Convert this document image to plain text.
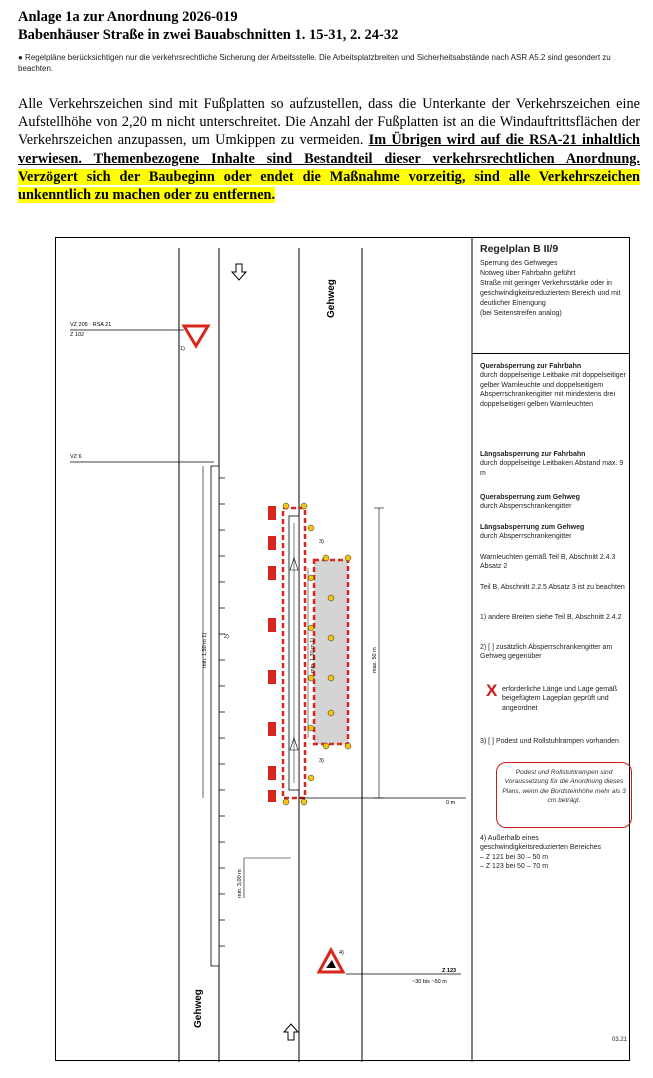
Anlage 1a zur Anordnung 2026-019
Babenhäuser Straße in zwei Bauabschnitten 1. 15-31, 2. 24-32
● Regelpläne berücksichtigen nur die verkehrsrechtliche Sicherung der Arbeitsstelle. Die Arbeitsplatzbreiten und Sicherheitsabstände nach ASR A5.2 sind gesondert zu beachten.
Alle Verkehrszeichen sind mit Fußplatten so aufzustellen, dass die Unterkante der Verkehrszeichen eine Aufstellhöhe von 2,20 m nicht unterschreitet. Die Anzahl der Fußplatten ist an die Windauftrittsflächen der Verkehrszeichen anzupassen, um Umkippen zu vermeiden. Im Übrigen wird auf die RSA-21 inhaltlich verwiesen. Themenbezogene Inhalte sind Bestandteil dieser verkehrsrechtlichen Anordnung. Verzögert sich der Baubeginn oder endet die Maßnahme vorzeitig, sind alle Verkehrszeichen unkenntlich zu machen oder zu entfernen.
1)
VZ 205 · RSA 21
Z 102
VZ 6
2)
min. 1,50 m 1)
min. 3,00 m
3)
3)
min. 1,30 m 1)	max. 50 m
0 m
Gehweg
Gehweg
4)
Z 123
~30 bis ~50 m
Regelplan B II/9
Sperrung des Gehweges
Notweg über Fahrbahn geführt
Straße mit geringer Verkehrsstärke oder in geschwindigkeitsreduziertem Bereich und mit deutlicher Einengung
(bei Seitenstreifen analog)
Querabsperrung zur Fahrbahn
durch doppelseitige Leitbake mit doppelseitiger gelber Warnleuchte und doppelseitigem Absperrschrankengitter mit mindestens drei doppelseitigen gelben Warnleuchten
Längsabsperrung zur Fahrbahn
durch doppelseitige Leitbaken Abstand max. 9 m
Querabsperrung zum Gehweg
durch Absperrschrankengitter
Längsabsperrung zum Gehweg
durch Absperrschrankengitter
Warnleuchten gemäß Teil B, Abschnitt 2.4.3 Absatz 2
Teil B, Abschnitt 2.2.5 Absatz 3 ist zu beachten
1) andere Breiten siehe Teil B, Abschnitt 2.4.2
2) [ ] zusätzlich Absperrschrankengitter am Gehweg gegenüber
X erforderliche Länge und Lage gemäß beigefügtem Lageplan geprüft und angeordnet
3) [ ] Podest und Rollstuhlrampen vorhanden
Podest und Rollstuhlrampen sind Voraussetzung für die Anordnung dieses Plans, wenn die Bordsteinhöhe mehr als 3 cm beträgt.
4) Außerhalb eines geschwindigkeitsreduzierten Bereiches
– Z 121 bei 30 – 50 m
– Z 123 bei 50 – 70 m
03.21
